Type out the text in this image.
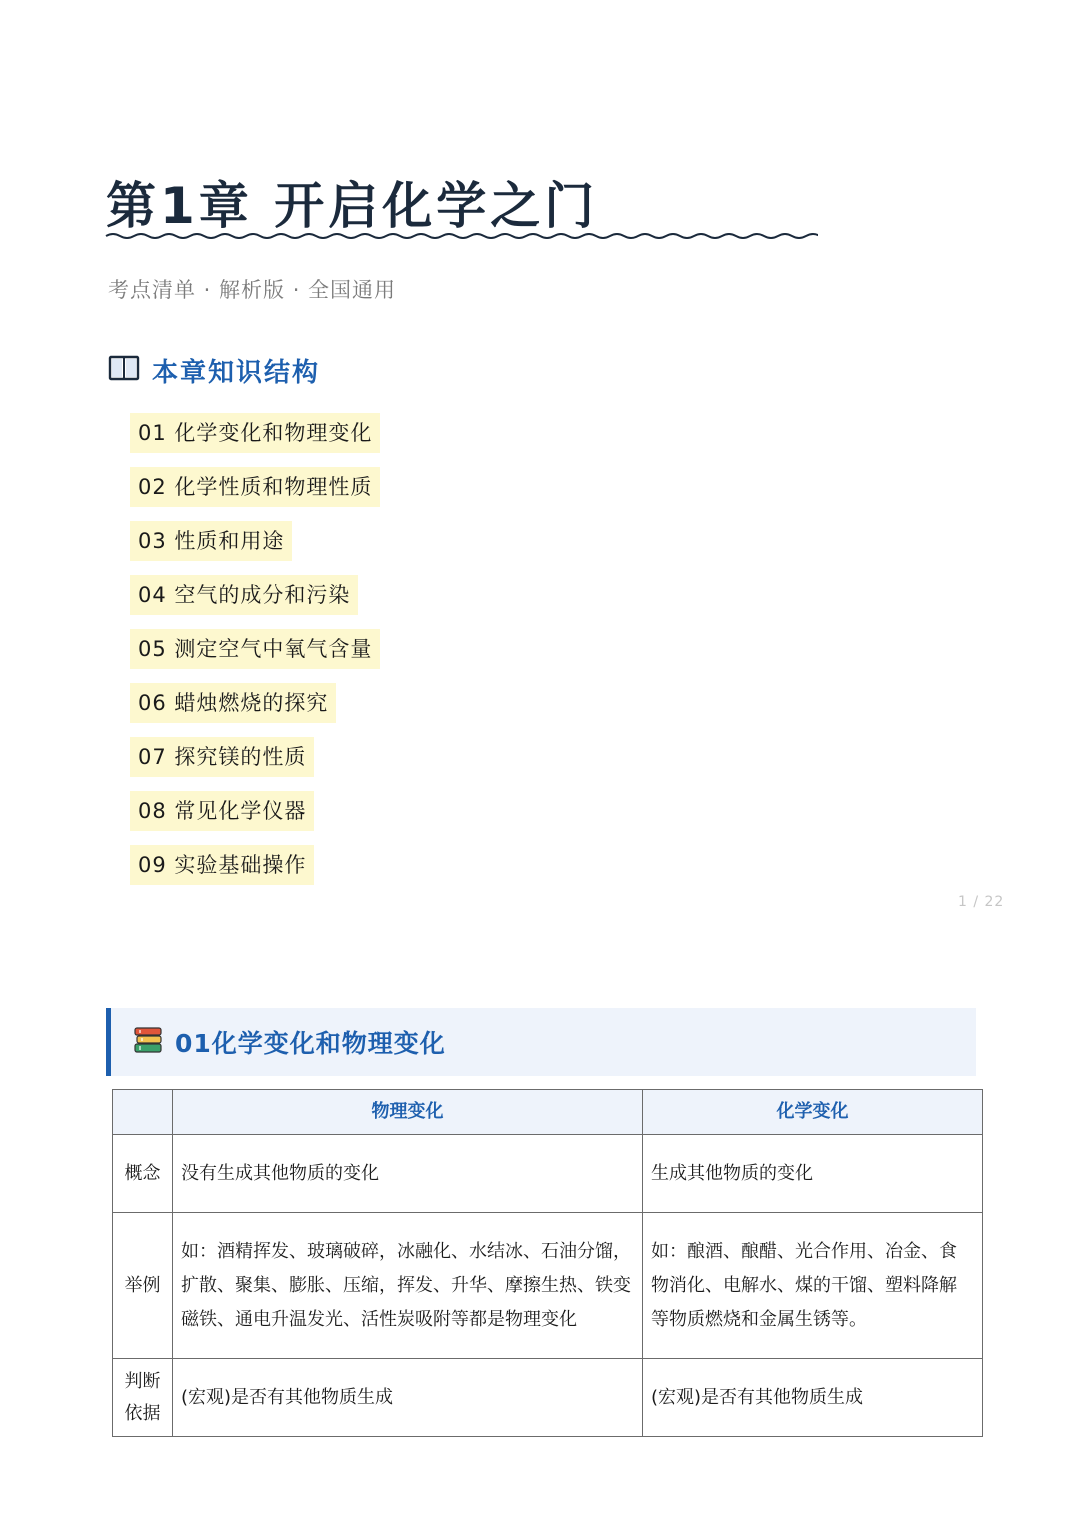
第1章 开启化学之门
考点清单 · 解析版 · 全国通用
本章知识结构
01 化学变化和物理变化
02 化学性质和物理性质
03 性质和用途
04 空气的成分和污染
05 测定空气中氧气含量
06 蜡烛燃烧的探究
07 探究镁的性质
08 常见化学仪器
09 实验基础操作
1 / 22
01化学变化和物理变化
	物理变化	化学变化

概念	没有生成其他物质的变化	生成其他物质的变化

举例	如：酒精挥发、玻璃破碎，冰融化、水结冰、石油分馏，扩散、聚集、膨胀、压缩，挥发、升华、摩擦生热、铁变磁铁、通电升温发光、活性炭吸附等都是物理变化	如：酿酒、酿醋、光合作用、冶金、食物消化、电解水、煤的干馏、塑料降解等物质燃烧和金属生锈等。

判断依据	(宏观)是否有其他物质生成	(宏观)是否有其他物质生成
